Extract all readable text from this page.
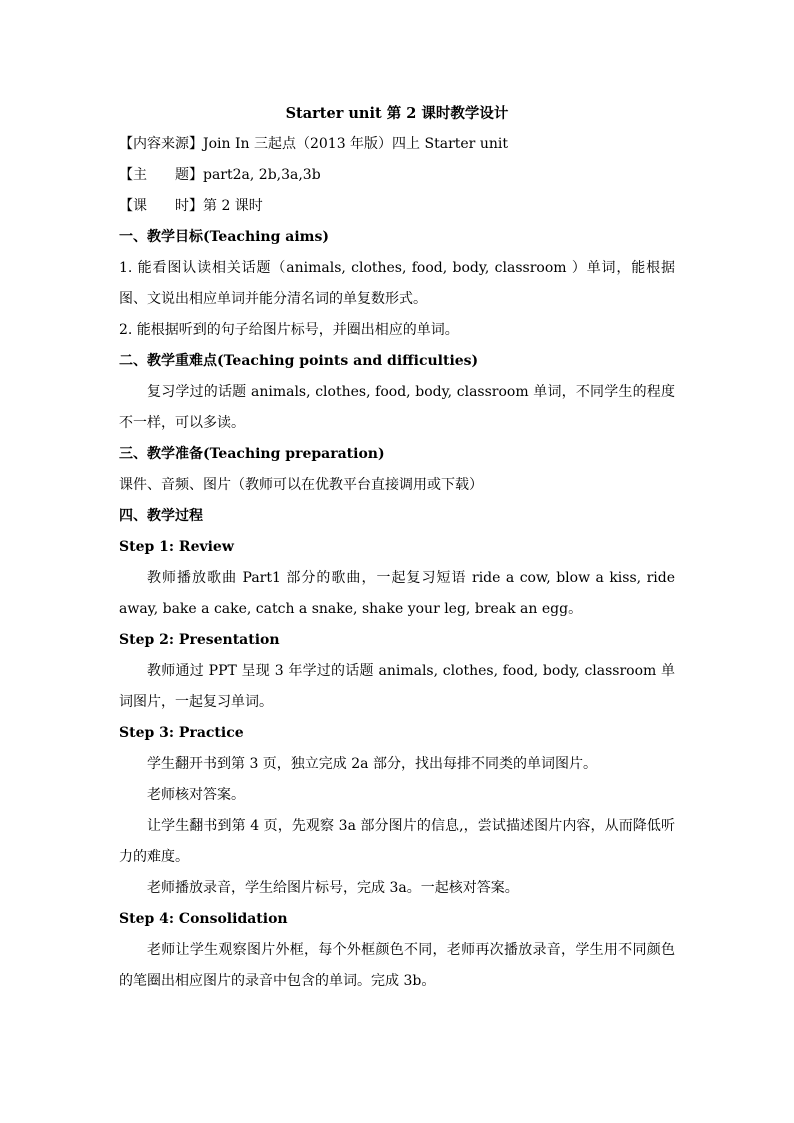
Starter unit 第 2 课时教学设计

【内容来源】Join In 三起点（2013 年版）四上 Starter unit

【主　　题】part2a, 2b,3a,3b

【课　　时】第 2 课时

一、教学目标(Teaching aims)

1. 能看图认读相关话题（animals, clothes, food, body, classroom ）单词，能根据图、文说出相应单词并能分清名词的单复数形式。

2. 能根据听到的句子给图片标号，并圈出相应的单词。

二、教学重难点(Teaching points and difficulties)

复习学过的话题 animals, clothes, food, body, classroom 单词，不同学生的程度不一样，可以多读。

三、教学准备(Teaching preparation)

课件、音频、图片（教师可以在优教平台直接调用或下载）

四、教学过程

Step 1: Review

教师播放歌曲 Part1 部分的歌曲，一起复习短语 ride a cow, blow a kiss, ride away, bake a cake, catch a snake, shake your leg, break an egg。

Step 2: Presentation

教师通过 PPT 呈现 3 年学过的话题 animals, clothes, food, body, classroom 单词图片，一起复习单词。

Step 3: Practice

学生翻开书到第 3 页，独立完成 2a 部分，找出每排不同类的单词图片。

老师核对答案。

让学生翻书到第 4 页，先观察 3a 部分图片的信息,，尝试描述图片内容，从而降低听力的难度。

老师播放录音，学生给图片标号，完成 3a。一起核对答案。

Step 4: Consolidation

老师让学生观察图片外框，每个外框颜色不同，老师再次播放录音，学生用不同颜色的笔圈出相应图片的录音中包含的单词。完成 3b。
